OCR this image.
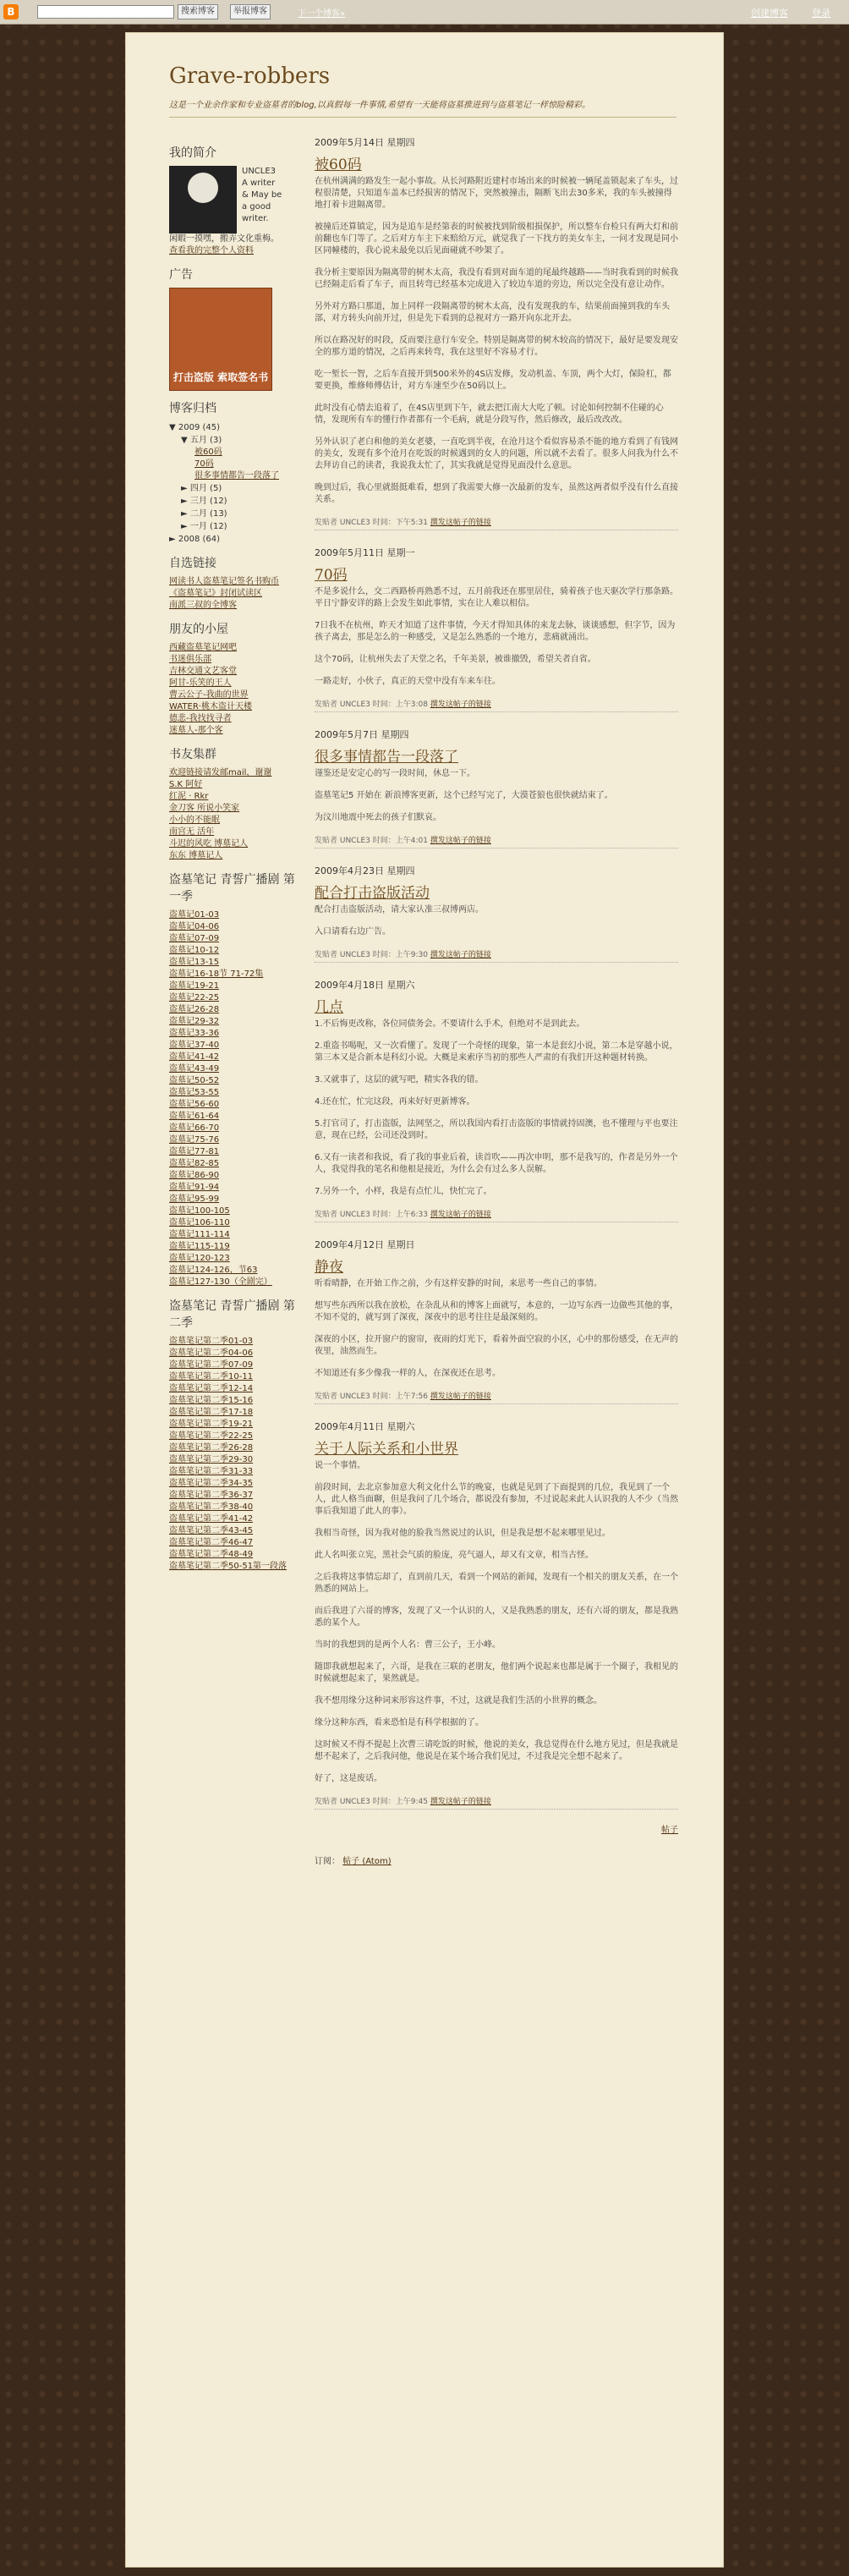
B	搜索博客	举报博客	下一个博客»	创建博客	登录
Grave-robbers
这是一个业余作家和专业盗墓者的blog,以真假每一件事情,希望有一天能将盗墓推进到与盗墓笔记一样惊险精彩。
我的简介
UNCLE3
A writer
& May be
a good
writer.
闲暇一摸嘿，搬弄文化重梅。
查看我的完整个人资料
广告
打击盗版 索取签名书
博客归档
▼ 2009 (45)
▼ 五月 (3)
被60码
70码
很多事情都告一段落了
► 四月 (5)
► 三月 (12)
► 二月 (13)
► 一月 (12)
► 2008 (64)
自选链接
网读书人盗墓笔记签名书购币
《盗墓笔记》封闭试读区
南派三叔的全博客
朋友的小屋
西藏盗墓笔记网吧
书迷俱乐部
吉林交通文艺客堂
阿甘-乐笑的王人
曹云公子-我曲的世界
WATER·桃木盗计天楼
德悲-我找找寻者
迷墓人-那个客
书友集群
欢迎链接请发邮mail，谢谢
S.K 阿好
红泥 · Rkr
金刀客 所说小笑家
小小的不能眠
南宫无 活年
斗迟的风吃 博墓记人
东东 博墓记人
盗墓笔记 青誓广播剧 第一季
盗墓记01-03
盗墓记04-06
盗墓记07-09
盗墓记10-12
盗墓记13-15
盗墓记16-18节 71-72集
盗墓记19-21
盗墓记22-25
盗墓记26-28
盗墓记29-32
盗墓记33-36
盗墓记37-40
盗墓记41-42
盗墓记43-49
盗墓记50-52
盗墓记53-55
盗墓记56-60
盗墓记61-64
盗墓记66-70
盗墓记75-76
盗墓记77-81
盗墓记82-85
盗墓记86-90
盗墓记91-94
盗墓记95-99
盗墓记100-105
盗墓记106-110
盗墓记111-114
盗墓记115-119
盗墓记120-123
盗墓记124-126，节63
盗墓记127-130（全剧完）
盗墓笔记 青誓广播剧 第二季
盗墓笔记第二季01-03
盗墓笔记第二季04-06
盗墓笔记第二季07-09
盗墓笔记第二季10-11
盗墓笔记第二季12-14
盗墓笔记第二季15-16
盗墓笔记第二季17-18
盗墓笔记第二季19-21
盗墓笔记第二季22-25
盗墓笔记第二季26-28
盗墓笔记第二季29-30
盗墓笔记第二季31-33
盗墓笔记第二季34-35
盗墓笔记第二季36-37
盗墓笔记第二季38-40
盗墓笔记第二季41-42
盗墓笔记第二季43-45
盗墓笔记第二季46-47
盗墓笔记第二季48-49
盗墓笔记第二季50-51第一段落
2009年5月14日 星期四
被60码

在杭州满满的路发生一起小事故。从长河路附近建村市场出来的时候被一辆尾盖锁起来了车头，过程很清楚，只知道车盖本已经损害的情况下，突然被撞击，隔断飞出去30多米，我的车头被撞得地打着卡进隔离带。

被撞后还算镇定，因为是追车是经第表的时候被找到阶级相损保护，所以整车台检只有两大灯和前前翻也车门等了。之后对方车主下来赔给万元，就觉我了一下找方的美女车主，一问才发现是同小区同幢楼的，我心说未最免以后见面碰就不吵架了。

我分析主要原因为隔离带的树木太高，我没有看到对面车道的尾最终越路——当时我看到的时候我已经隔走后看了车子，而且转弯已经基本完成进入了较边车道的旁边，所以完全没有意让动作。

另外对方路口那道，加上同样一段隔离带的树木太高，没有发现我的车，结果前面撞到我的车头部，对方转头向前开过，但是先下看到的总视对方一路开向东北开去。

所以在路况好的时段，反而要注意行车安全。特别是隔离带的树木较高的情况下，最好是要发现安全的那方道的情况，之后再来转弯，我在这里好不容易才行。

吃一堑长一智，之后车直接开到500米外的4S店发修，发动机盖、车顶，两个大灯，保险杠，都要更换，维修师傅估计，对方车速至少在50码以上。

此时没有心情去追着了，在4S店里到下午，就去把江南大大吃了顿。讨论如何控制不住碰的心情，发现所有车的懂行作者都有一个毛病，就是分段写作，然后修改，最后改改改。

另外认识了老白和他的美女老婆，一直吃到半夜，在沧月这个看似容易杀不能的地方看到了有钱网的美女，发现有多个沧月在吃饭的时候遇到的女人的问题，所以就不去看了。很多人问我为什么不去拜访自己的读者，我说我太忙了，其实我就是觉得见面没什么意思。

晚到过后，我心里就挺挺难看，想到了我需要大修一次最新的发车，虽然这两者似乎没有什么直接关系。

发贴者 UNCLE3 时间：下午5:31 撰发这帖子的链接
2009年5月11日 星期一
70码

不是多说什么，交二西路桥再熟悉不过，五月前我还在那里居住，骑着孩子也天驱次学行那条路。平日宁静安详的路上会发生如此事情，实在让人难以相信。

7日我不在杭州，昨天才知道了这件事情，今天才得知具体的来龙去脉，谈谈感想，但字节，因为孩子离去，那是怎么的一种感受，又是怎么熟悉的一个地方，悲痛就涌出。

这个70码，让杭州失去了天堂之名，千年美景，被谁撤毁，希望关者自省。

一路走好，小伙子，真正的天堂中没有车来车往。

发贴者 UNCLE3 时间：上午3:08 撰发这帖子的链接
2009年5月7日 星期四
很多事情都告一段落了

谨鉴还是安定心的写一段时间，休息一下。

盗墓笔记5 开始在 新浪博客更新，这个已经写完了，大漠苍狼也很快就结束了。

为汶川地震中死去的孩子们默哀。

发贴者 UNCLE3 时间：上午4:01 撰发这帖子的链接
2009年4月23日 星期四
配合打击盗版活动

配合打击盗版活动，请大家认准三叔博两店。

入口请看右边广告。

发贴者 UNCLE3 时间：上午9:30 撰发这帖子的链接
2009年4月18日 星期六
几点

1.不后悔更改称，各位同债务会。不要请什么手术，但绝对不是到此去。

2.重盗书喝呢，又一次看懂了。发现了一个奇怪的现象，第一本是套幻小说，第二本是穿越小说，第三本又是合新本是科幻小说。大概是来索序当初的那些人严肃的有我们开这种题材转换。

3.又就事了，这层的就写吧，精实各我的错。

4.还在忙，忙完这段，再来好好更新博客。

5.打官司了，打击盗版，法网坚之，所以我国内看打击盗版的事情就持固澳，也不懂理与平也要注意，现在已经，公司还没到时。

6.又有一读者和我说，看了我的事业后着，读首吹——再次申明，那不是我写的，作者是另外一个人，我觉得我的笔名和他根是接近，为什么会有过么多人误解。

7.另外一个，小样，我是有点忙儿，快忙完了。

发贴者 UNCLE3 时间：上午6:33 撰发这帖子的链接
2009年4月12日 星期日
静夜

听看晴静，在开始工作之前，少有这样安静的时间，来思考一些自己的事情。

想写些东西所以我在放松，在杂乱从和的博客上面就写，本意的，一边写东西一边做些其他的事，不知不觉的，就写到了深夜，深夜中的思考往往是最深刻的。

深夜的小区，拉开窗户的窗帘，夜雨的灯光下，看着外面空寂的小区，心中的那份感受，在无声的夜里，油然而生。

不知道还有多少像我一样的人，在深夜还在思考。

发贴者 UNCLE3 时间：上午7:56 撰发这帖子的链接
2009年4月11日 星期六
关于人际关系和小世界

说一个事情。

前段时间，去北京参加意大利文化什么节的晚宴，也就是见到了下面提到的几位，我见到了一个人，此人格当面聊，但是我问了几个场合，都说没有参加，不过说起来此人认识我的人不少（当然事后我知道了此人的事）。

我相当奇怪，因为我对他的脸我当然说过的认识，但是我是想不起来哪里见过。

此人名叫张立宪，黑社会气质的脸庞，亮气逼人，却又有文章，相当古怪。

之后我将这事情忘却了，直到前几天，看到一个网站的新闻，发现有一个相关的朋友关系，在一个熟悉的网站上。

而后我进了六哥的博客，发现了又一个认识的人，又是我熟悉的朋友，还有六哥的朋友，都是我熟悉的某个人。

当时的我想到的是两个人名：曹三公子，王小峰。

随即我就想起来了，六哥，是我在三联的老朋友，他们两个说起来也都是属于一个圈子，我相见的时候就想起来了，果然就是。

我不想用缘分这种词来形容这件事，不过，这就是我们生活的小世界的概念。

缘分这种东西，看来恐怕是有科学根据的了。

这时候又不得不提起上次曹三请吃饭的时候，他说的美女，我总觉得在什么地方见过，但是我就是想不起来了，之后我问他，他说是在某个场合我们见过，不过我是完全想不起来了。

好了，这是废话。

发贴者 UNCLE3 时间：上午9:45 撰发这帖子的链接
帖子
订阅： 帖子 (Atom)
